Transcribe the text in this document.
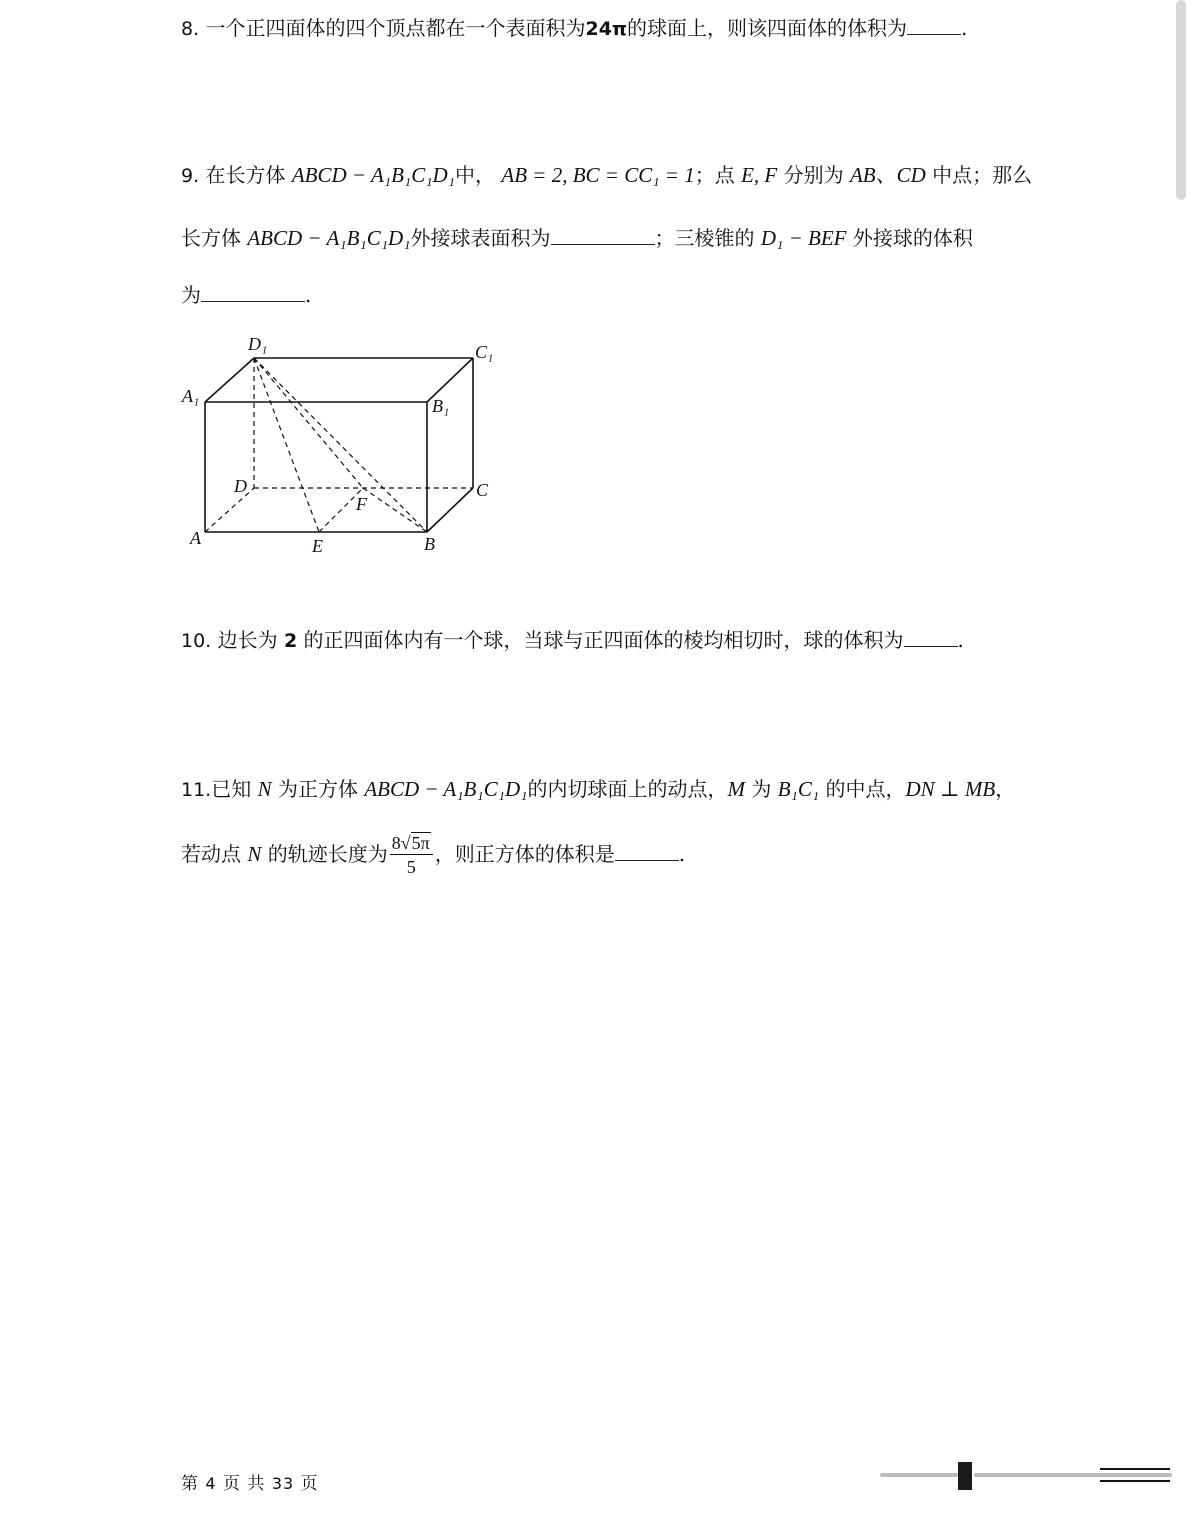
8. 一个正四面体的四个顶点都在一个表面积为24π的球面上，则该四面体的体积为	.
9. 在长方体 ABCD − A₁B₁C₁D₁中， AB = 2, BC = CC₁ = 1；点 E, F 分别为 AB、CD 中点；那么
长方体 ABCD − A₁B₁C₁D₁外接球表面积为	；三棱锥的 D₁ − BEF 外接球的体积
为	.
D₁	C₁
A₁	B₁
D	C
F
A	E	B
10. 边长为 2 的正四面体内有一个球，当球与正四面体的棱均相切时，球的体积为	.
11.已知 N 为正方体 ABCD − A₁B₁C₁D₁的内切球面上的动点，M 为 B₁C₁ 的中点，DN ⊥ MB，
若动点 N 的轨迹长度为 $\frac{8√5\pi}{5}$ ，则正方体的体积是	.
第 4 页 共 33 页
